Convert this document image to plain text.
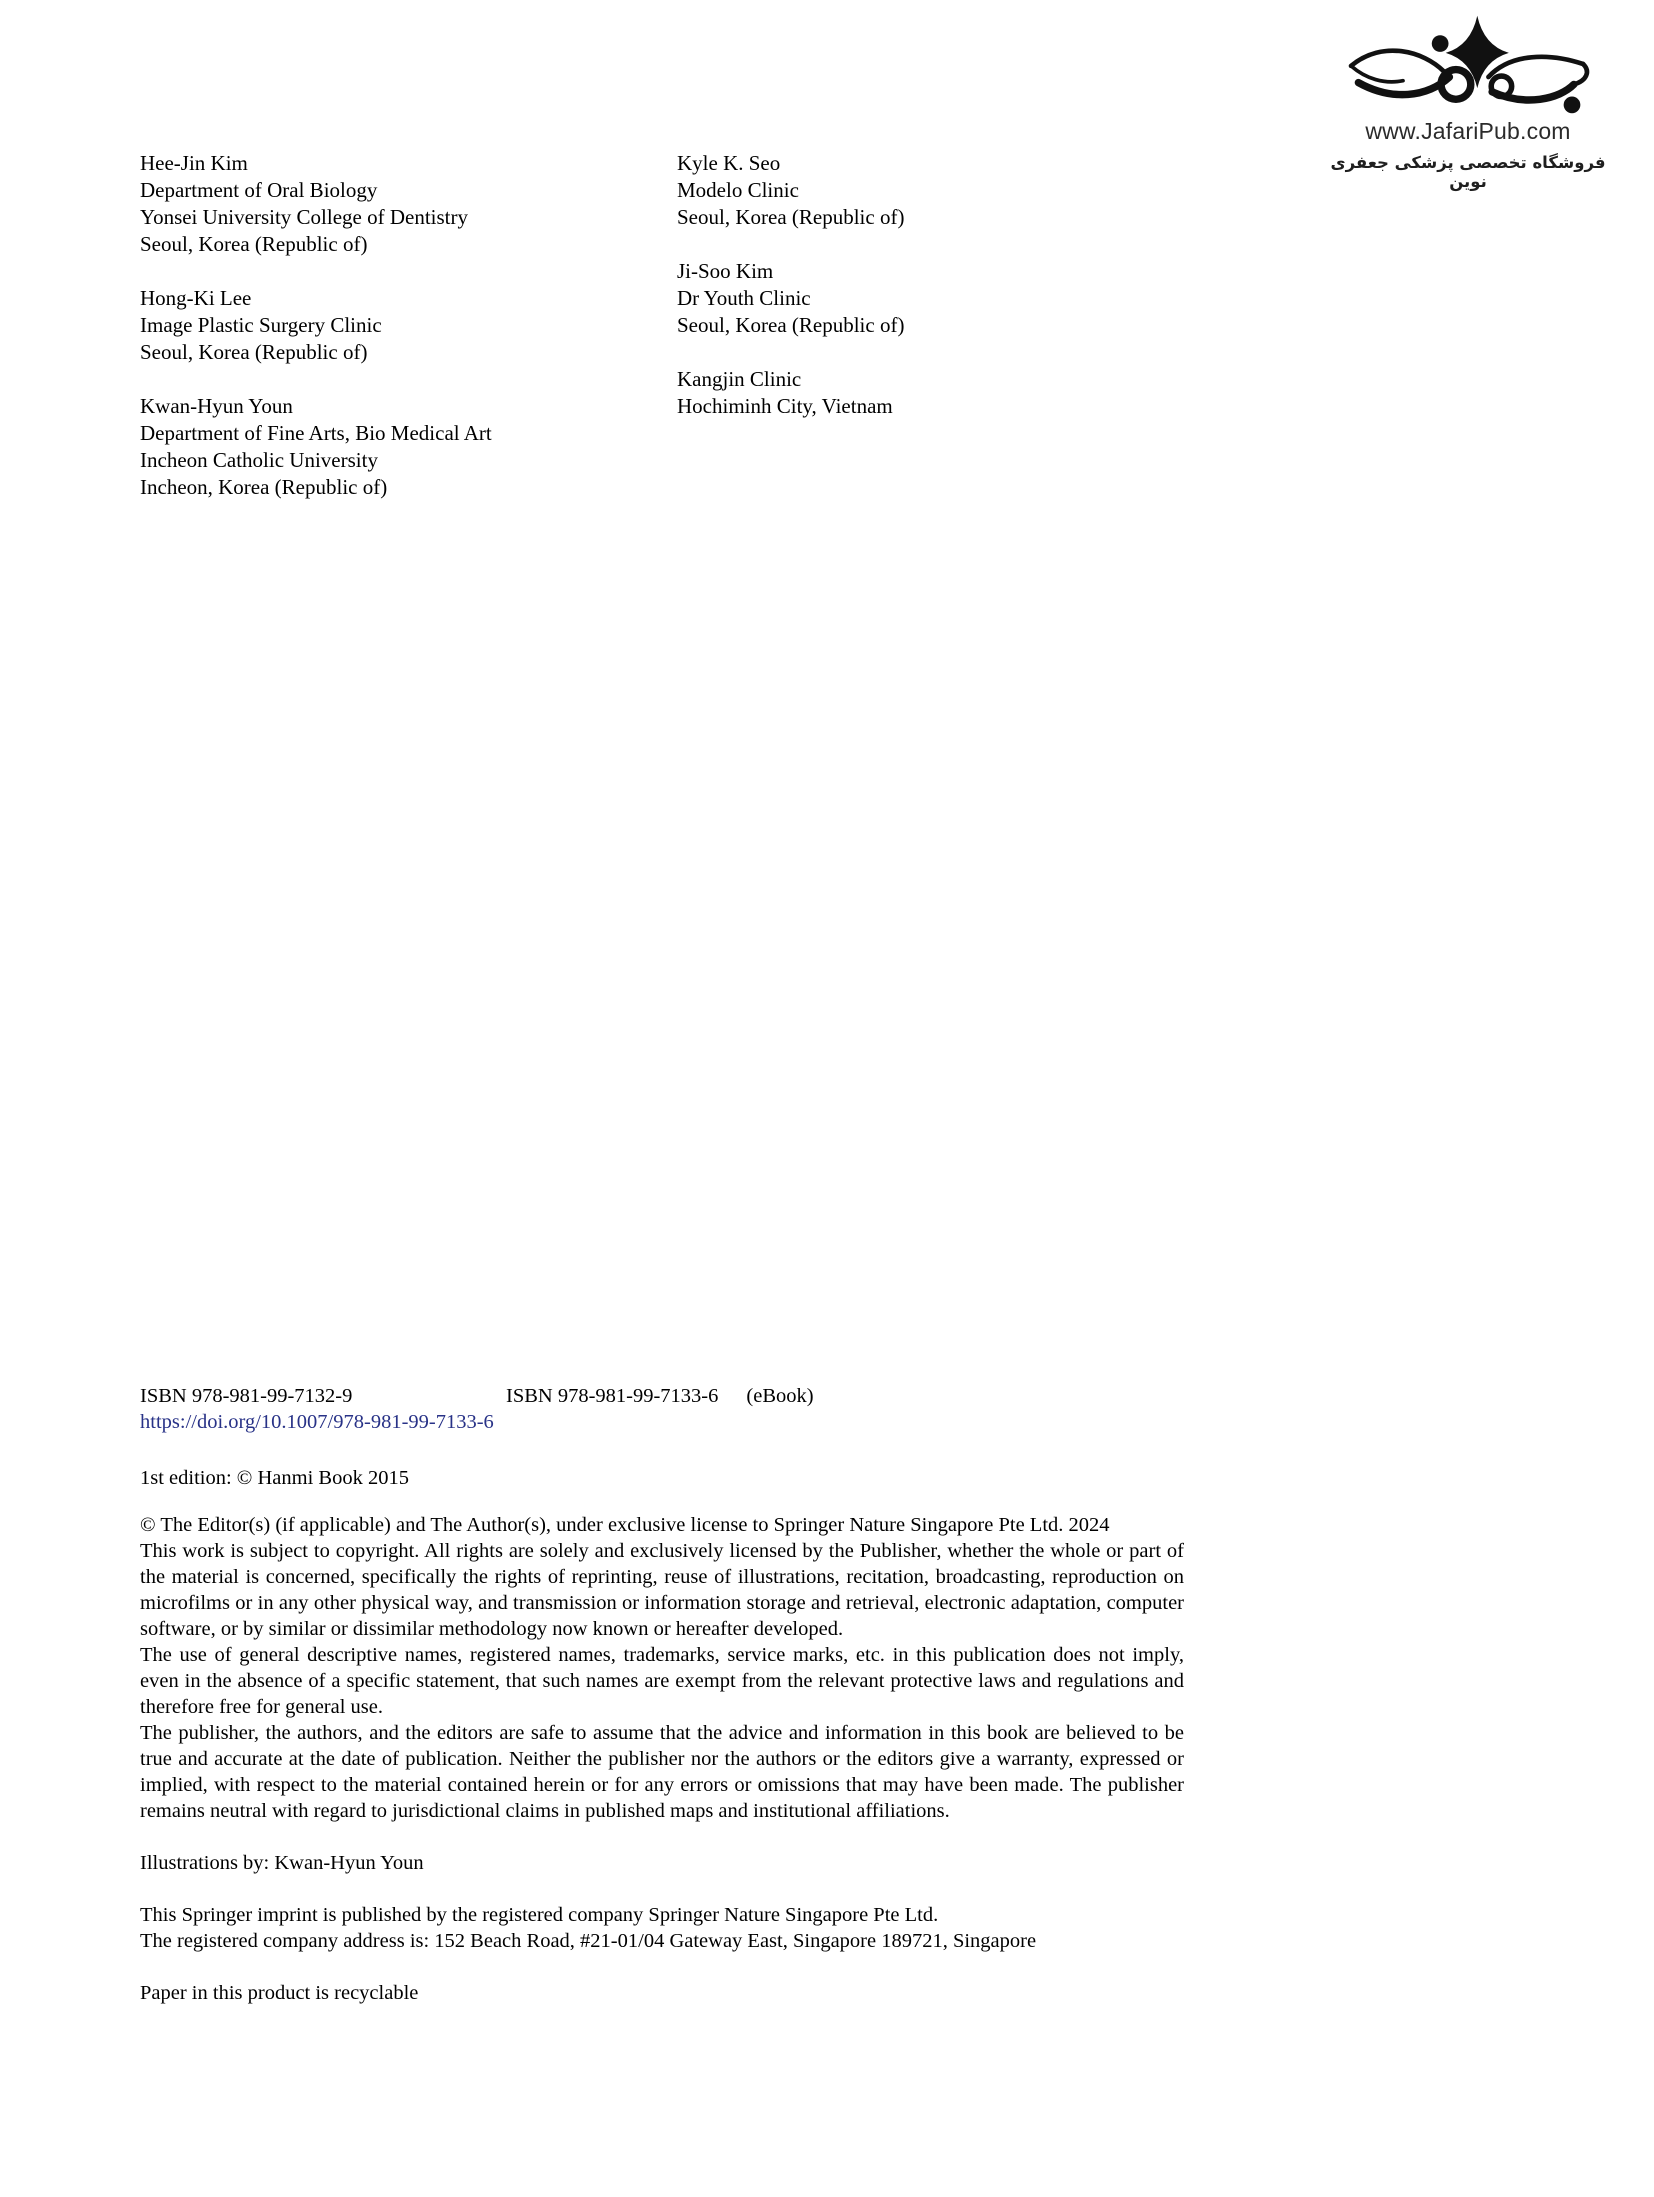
www.JafariPub.com
فروشگاه تخصصی پزشکی جعفری نوین
Hee-Jin Kim
Department of Oral Biology
Yonsei University College of Dentistry
Seoul, Korea (Republic of)
Hong-Ki Lee
Image Plastic Surgery Clinic
Seoul, Korea (Republic of)
Kwan-Hyun Youn
Department of Fine Arts, Bio Medical Art
Incheon Catholic University
Incheon, Korea (Republic of)
Kyle K. Seo
Modelo Clinic
Seoul, Korea (Republic of)
Ji-Soo Kim
Dr Youth Clinic
Seoul, Korea (Republic of)
Kangjin Clinic
Hochiminh City, Vietnam
ISBN 978-981-99-7132-9	ISBN 978-981-99-7133-6 (eBook)
https://doi.org/10.1007/978-981-99-7133-6
1st edition: © Hanmi Book 2015

© The Editor(s) (if applicable) and The Author(s), under exclusive license to Springer Nature Singapore Pte Ltd. 2024

This work is subject to copyright. All rights are solely and exclusively licensed by the Publisher, whether the whole or part of the material is concerned, specifically the rights of reprinting, reuse of illustrations, recitation, broadcasting, reproduction on microfilms or in any other physical way, and transmission or information storage and retrieval, electronic adaptation, computer software, or by similar or dissimilar methodology now known or hereafter developed.

The use of general descriptive names, registered names, trademarks, service marks, etc. in this publication does not imply, even in the absence of a specific statement, that such names are exempt from the relevant protective laws and regulations and therefore free for general use.

The publisher, the authors, and the editors are safe to assume that the advice and information in this book are believed to be true and accurate at the date of publication. Neither the publisher nor the authors or the editors give a warranty, expressed or implied, with respect to the material contained herein or for any errors or omissions that may have been made. The publisher remains neutral with regard to jurisdictional claims in published maps and institutional affiliations.

Illustrations by: Kwan-Hyun Youn
This Springer imprint is published by the registered company Springer Nature Singapore Pte Ltd.
The registered company address is: 152 Beach Road, #21-01/04 Gateway East, Singapore 189721, Singapore
Paper in this product is recyclable
